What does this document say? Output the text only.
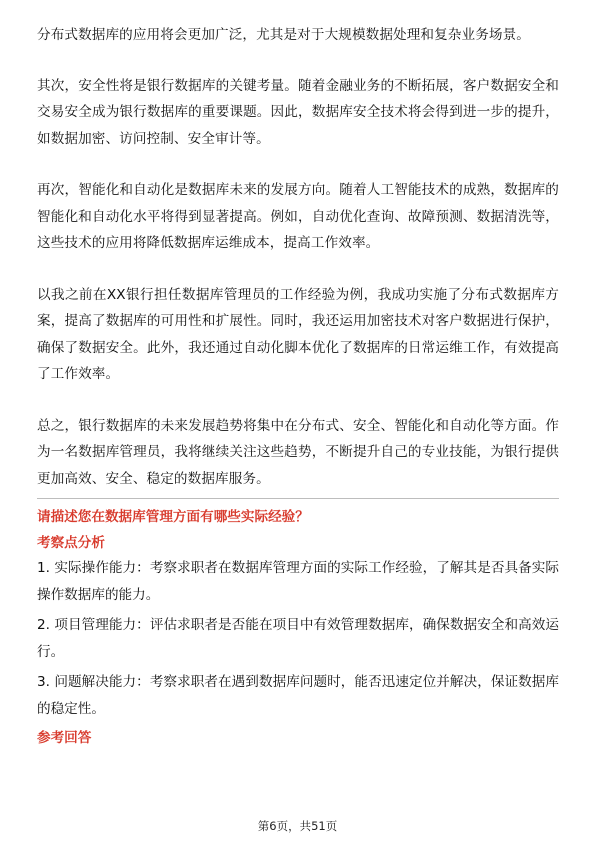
分布式数据库的应用将会更加广泛，尤其是对于大规模数据处理和复杂业务场景。

其次，安全性将是银行数据库的关键考量。随着金融业务的不断拓展，客户数据安全和交易安全成为银行数据库的重要课题。因此，数据库安全技术将会得到进一步的提升，如数据加密、访问控制、安全审计等。

再次，智能化和自动化是数据库未来的发展方向。随着人工智能技术的成熟，数据库的智能化和自动化水平将得到显著提高。例如，自动优化查询、故障预测、数据清洗等，这些技术的应用将降低数据库运维成本，提高工作效率。

以我之前在XX银行担任数据库管理员的工作经验为例，我成功实施了分布式数据库方案，提高了数据库的可用性和扩展性。同时，我还运用加密技术对客户数据进行保护，确保了数据安全。此外，我还通过自动化脚本优化了数据库的日常运维工作，有效提高了工作效率。

总之，银行数据库的未来发展趋势将集中在分布式、安全、智能化和自动化等方面。作为一名数据库管理员，我将继续关注这些趋势，不断提升自己的专业技能，为银行提供更加高效、安全、稳定的数据库服务。

请描述您在数据库管理方面有哪些实际经验？
考察点分析
1. 实际操作能力：考察求职者在数据库管理方面的实际工作经验，了解其是否具备实际操作数据库的能力。
2. 项目管理能力：评估求职者是否能在项目中有效管理数据库，确保数据安全和高效运行。
3. 问题解决能力：考察求职者在遇到数据库问题时，能否迅速定位并解决，保证数据库的稳定性。
参考回答
第6页，共51页
